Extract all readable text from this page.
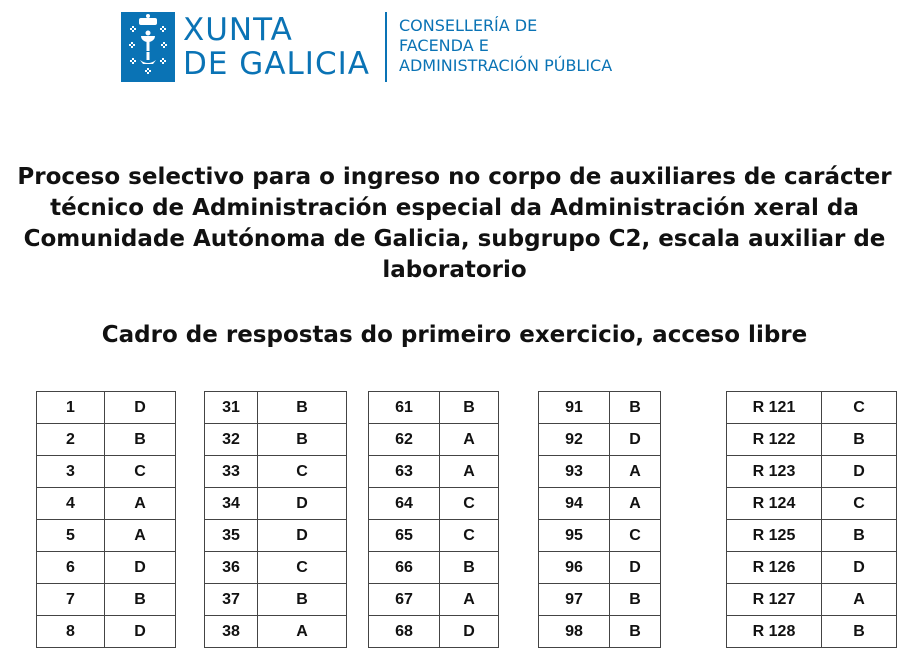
XUNTA
DE GALICIA
CONSELLERÍA DE
FACENDA E
ADMINISTRACIÓN PÚBLICA
Proceso selectivo para o ingreso no corpo de auxiliares de carácter técnico de Administración especial da Administración xeral da Comunidade Autónoma de Galicia, subgrupo C2, escala auxiliar de laboratorio
Cadro de respostas do primeiro exercicio, acceso libre
1	D
2	B
3	C
4	A
5	A
6	D
7	B
8	D
31	B
32	B
33	C
34	D
35	D
36	C
37	B
38	A
61	B
62	A
63	A
64	C
65	C
66	B
67	A
68	D
91	B
92	D
93	A
94	A
95	C
96	D
97	B
98	B
R 121	C
R 122	B
R 123	D
R 124	C
R 125	B
R 126	D
R 127	A
R 128	B
